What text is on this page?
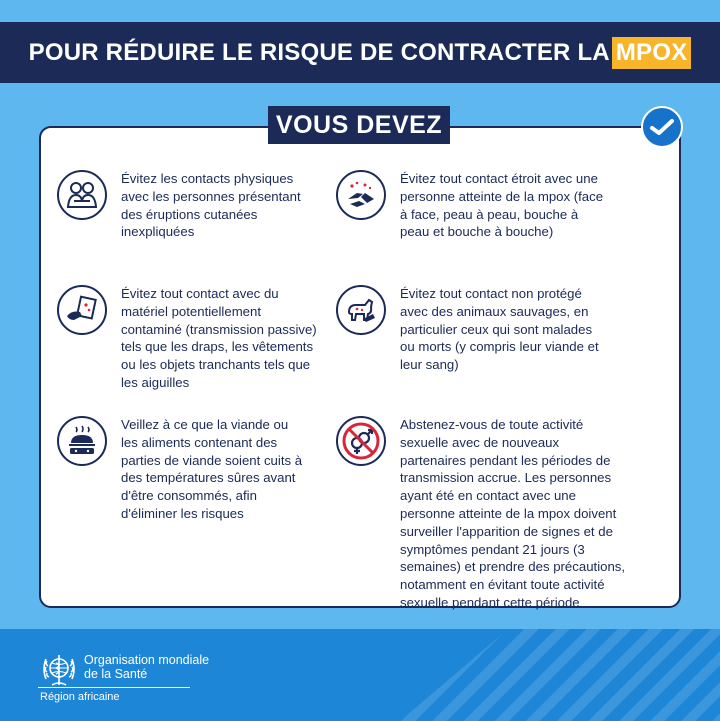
POUR RÉDUIRE LE RISQUE DE CONTRACTER LA MPOX
VOUS DEVEZ
Évitez les contacts physiques avec les personnes présentant des éruptions cutanées inexpliquées
Évitez tout contact étroit avec une personne atteinte de la mpox (face à face, peau à peau, bouche à peau et bouche à bouche)
Évitez tout contact avec du matériel potentiellement contaminé (transmission passive) tels que les draps, les vêtements ou les objets tranchants tels que les aiguilles
Évitez tout contact non protégé avec des animaux sauvages, en particulier ceux qui sont malades ou morts (y compris leur viande et leur sang)
Veillez à ce que la viande ou les aliments contenant des parties de viande soient cuits à des températures sûres avant d'être consommés, afin d'éliminer les risques
Abstenez-vous de toute activité sexuelle avec de nouveaux partenaires pendant les périodes de transmission accrue. Les personnes ayant été en contact avec une personne atteinte de la mpox doivent surveiller l'apparition de signes et de symptômes pendant 21 jours (3 semaines) et prendre des précautions, notamment en évitant toute activité sexuelle pendant cette période
Organisation mondiale de la Santé
Région africaine
